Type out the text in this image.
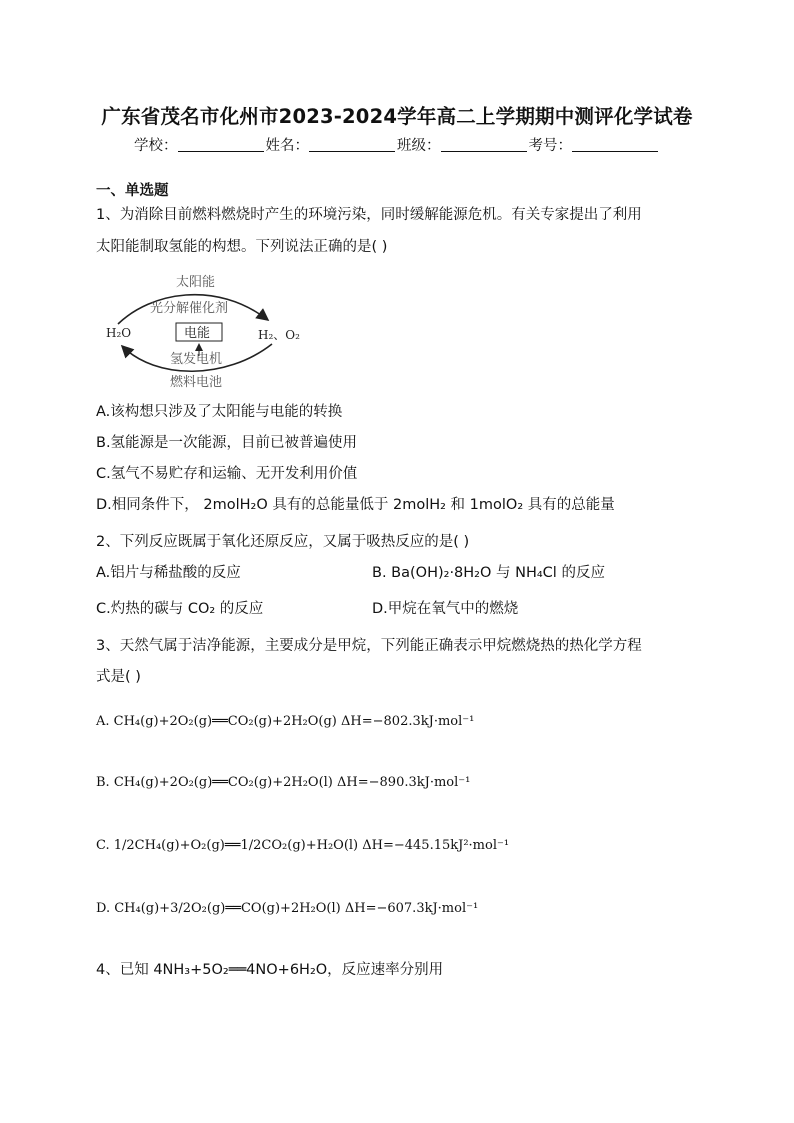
广东省茂名市化州市2023-2024学年高二上学期期中测评化学试卷
学校：	姓名：	班级：	考号：
一、单选题
1、为消除目前燃料燃烧时产生的环境污染，同时缓解能源危机。有关专家提出了利用
太阳能制取氢能的构想。下列说法正确的是( )
太阳能
光分解催化剂
H₂O	电能	H₂、O₂
氢发电机
燃料电池
A.该构想只涉及了太阳能与电能的转换
B.氢能源是一次能源，目前已被普遍使用
C.氢气不易贮存和运输、无开发利用价值
D.相同条件下， 2molH₂O 具有的总能量低于 2molH₂ 和 1molO₂ 具有的总能量
2、下列反应既属于氧化还原反应，又属于吸热反应的是( )
A.铝片与稀盐酸的反应	B. Ba(OH)₂·8H₂O 与 NH₄Cl 的反应
C.灼热的碳与 CO₂ 的反应	D.甲烷在氧气中的燃烧
3、天然气属于洁净能源，主要成分是甲烷，下列能正确表示甲烷燃烧热的热化学方程
式是( )
A. CH₄(g)+2O₂(g)══CO₂(g)+2H₂O(g) ΔH=−802.3kJ·mol⁻¹
B. CH₄(g)+2O₂(g)══CO₂(g)+2H₂O(l) ΔH=−890.3kJ·mol⁻¹
C. 1/2CH₄(g)+O₂(g)══1/2CO₂(g)+H₂O(l) ΔH=−445.15kJ²·mol⁻¹
D. CH₄(g)+3/2O₂(g)══CO(g)+2H₂O(l) ΔH=−607.3kJ·mol⁻¹
4、已知 4NH₃+5O₂══4NO+6H₂O，反应速率分别用
